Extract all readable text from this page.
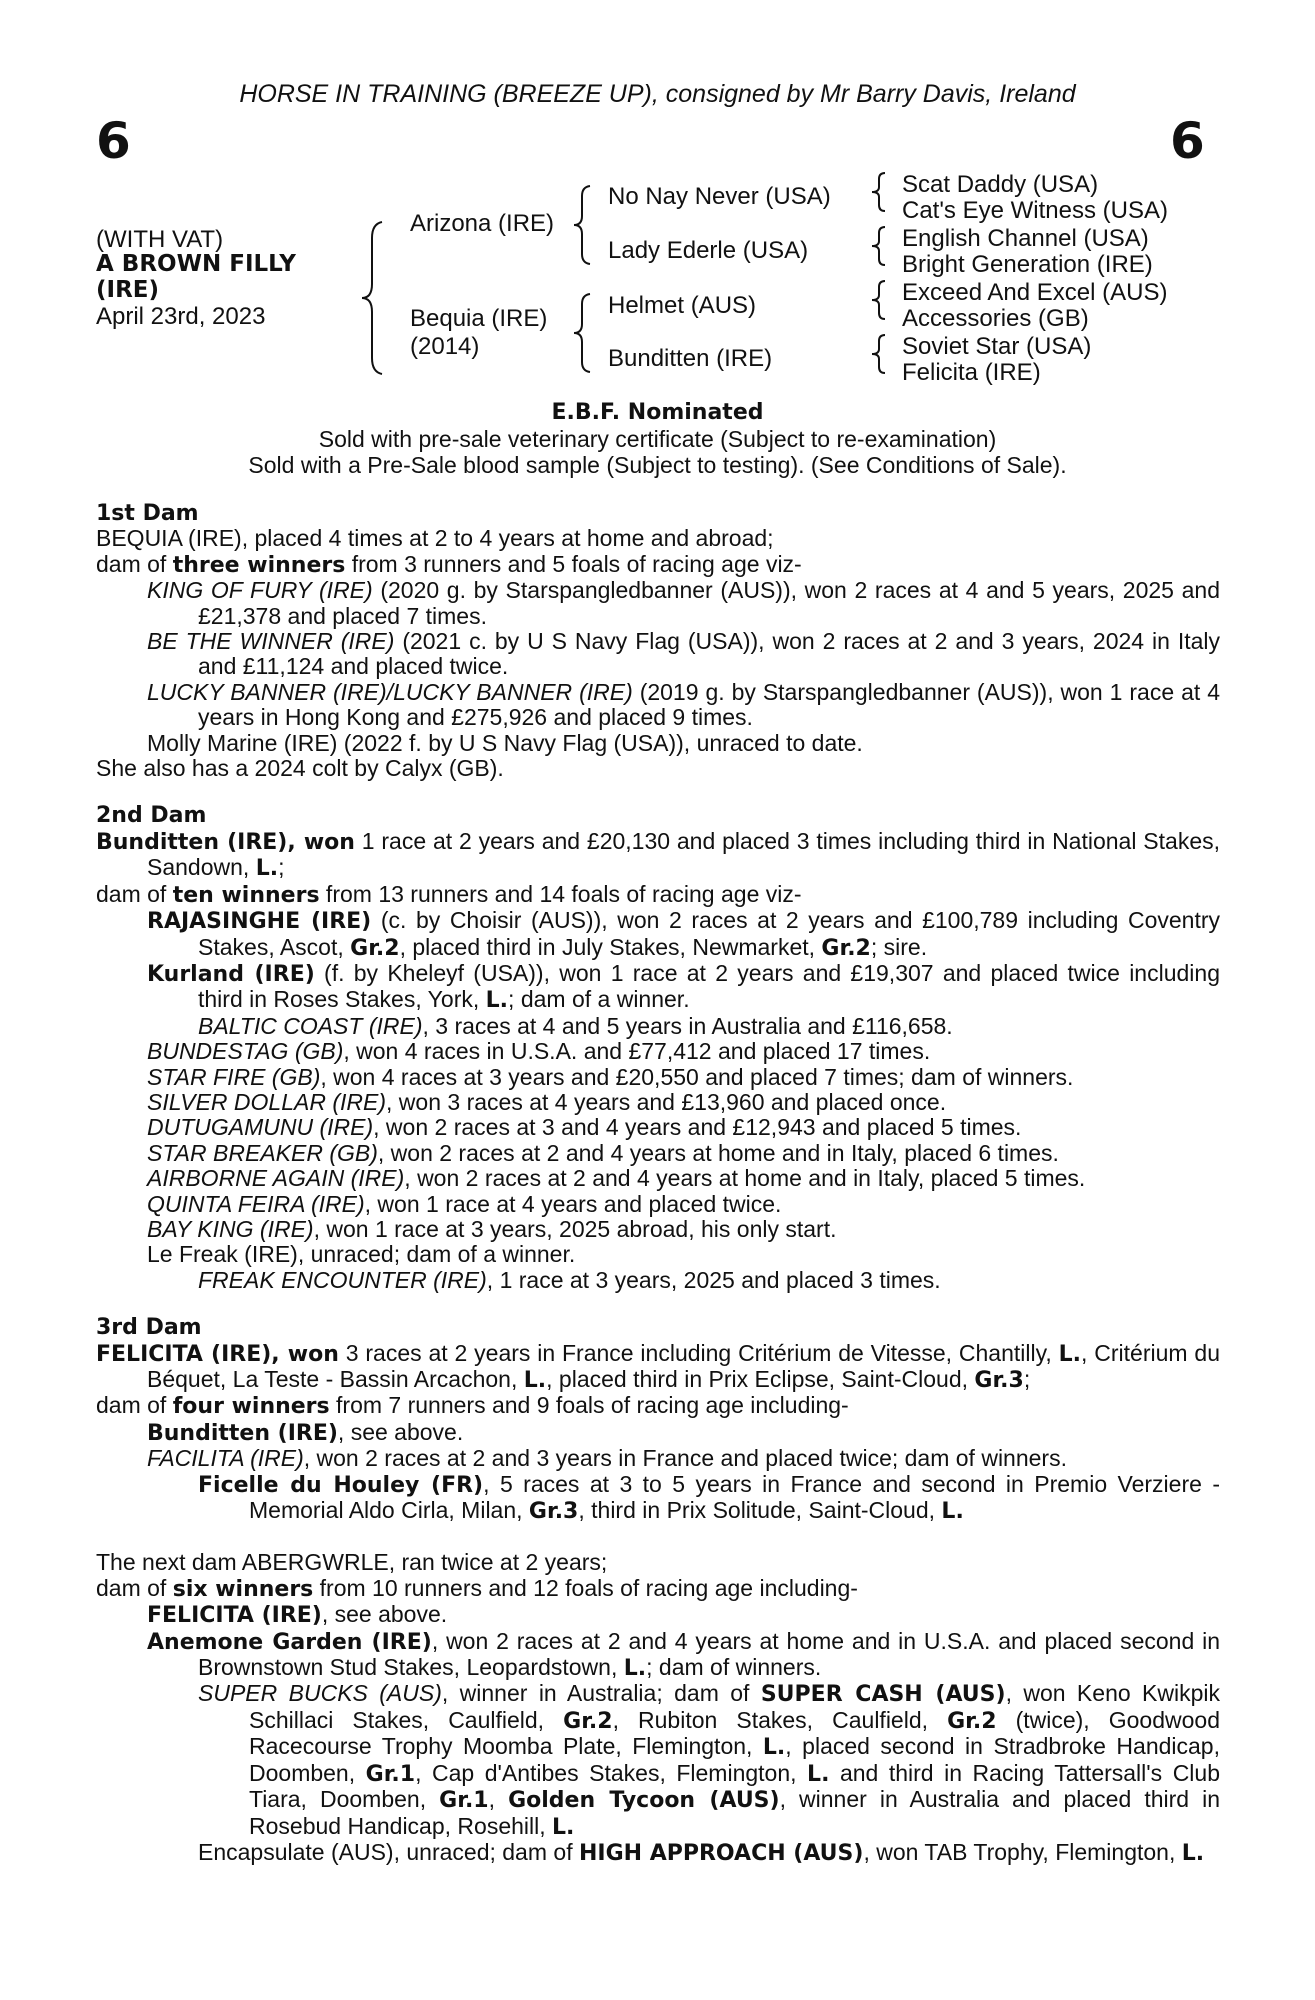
HORSE IN TRAINING (BREEZE UP), consigned by Mr Barry Davis, Ireland
6	6
(WITH VAT)
A BROWN FILLY
(IRE)
April 23rd, 2023
Arizona (IRE)
Bequia (IRE)
(2014)
No Nay Never (USA)
Lady Ederle (USA)
Helmet (AUS)
Bunditten (IRE)
Scat Daddy (USA)
Cat's Eye Witness (USA)
English Channel (USA)
Bright Generation (IRE)
Exceed And Excel (AUS)
Accessories (GB)
Soviet Star (USA)
Felicita (IRE)
E.B.F. Nominated
Sold with pre-sale veterinary certificate (Subject to re-examination)
Sold with a Pre-Sale blood sample (Subject to testing). (See Conditions of Sale).
1st Dam
BEQUIA (IRE), placed 4 times at 2 to 4 years at home and abroad;
dam of three winners from 3 runners and 5 foals of racing age viz-
KING OF FURY (IRE) (2020 g. by Starspangledbanner (AUS)), won 2 races at 4 and 5 years, 2025 and £21,378 and placed 7 times.
BE THE WINNER (IRE) (2021 c. by U S Navy Flag (USA)), won 2 races at 2 and 3 years, 2024 in Italy and £11,124 and placed twice.
LUCKY BANNER (IRE)/LUCKY BANNER (IRE) (2019 g. by Starspangledbanner (AUS)), won 1 race at 4 years in Hong Kong and £275,926 and placed 9 times.
Molly Marine (IRE) (2022 f. by U S Navy Flag (USA)), unraced to date.
She also has a 2024 colt by Calyx (GB).
2nd Dam
Bunditten (IRE), won 1 race at 2 years and £20,130 and placed 3 times including third in National Stakes, Sandown, L.;
dam of ten winners from 13 runners and 14 foals of racing age viz-
RAJASINGHE (IRE) (c. by Choisir (AUS)), won 2 races at 2 years and £100,789 including Coventry Stakes, Ascot, Gr.2, placed third in July Stakes, Newmarket, Gr.2; sire.
Kurland (IRE) (f. by Kheleyf (USA)), won 1 race at 2 years and £19,307 and placed twice including third in Roses Stakes, York, L.; dam of a winner.
BALTIC COAST (IRE), 3 races at 4 and 5 years in Australia and £116,658.
BUNDESTAG (GB), won 4 races in U.S.A. and £77,412 and placed 17 times.
STAR FIRE (GB), won 4 races at 3 years and £20,550 and placed 7 times; dam of winners.
SILVER DOLLAR (IRE), won 3 races at 4 years and £13,960 and placed once.
DUTUGAMUNU (IRE), won 2 races at 3 and 4 years and £12,943 and placed 5 times.
STAR BREAKER (GB), won 2 races at 2 and 4 years at home and in Italy, placed 6 times.
AIRBORNE AGAIN (IRE), won 2 races at 2 and 4 years at home and in Italy, placed 5 times.
QUINTA FEIRA (IRE), won 1 race at 4 years and placed twice.
BAY KING (IRE), won 1 race at 3 years, 2025 abroad, his only start.
Le Freak (IRE), unraced; dam of a winner.
FREAK ENCOUNTER (IRE), 1 race at 3 years, 2025 and placed 3 times.
3rd Dam
FELICITA (IRE), won 3 races at 2 years in France including Critérium de Vitesse, Chantilly, L., Critérium du Béquet, La Teste - Bassin Arcachon, L., placed third in Prix Eclipse, Saint-Cloud, Gr.3;
dam of four winners from 7 runners and 9 foals of racing age including-
Bunditten (IRE), see above.
FACILITA (IRE), won 2 races at 2 and 3 years in France and placed twice; dam of winners.
Ficelle du Houley (FR), 5 races at 3 to 5 years in France and second in Premio Verziere - Memorial Aldo Cirla, Milan, Gr.3, third in Prix Solitude, Saint-Cloud, L.
The next dam ABERGWRLE, ran twice at 2 years;
dam of six winners from 10 runners and 12 foals of racing age including-
FELICITA (IRE), see above.
Anemone Garden (IRE), won 2 races at 2 and 4 years at home and in U.S.A. and placed second in Brownstown Stud Stakes, Leopardstown, L.; dam of winners.
SUPER BUCKS (AUS), winner in Australia; dam of SUPER CASH (AUS), won Keno Kwikpik Schillaci Stakes, Caulfield, Gr.2, Rubiton Stakes, Caulfield, Gr.2 (twice), Goodwood Racecourse Trophy Moomba Plate, Flemington, L., placed second in Stradbroke Handicap, Doomben, Gr.1, Cap d'Antibes Stakes, Flemington, L. and third in Racing Tattersall's Club Tiara, Doomben, Gr.1, Golden Tycoon (AUS), winner in Australia and placed third in Rosebud Handicap, Rosehill, L.
Encapsulate (AUS), unraced; dam of HIGH APPROACH (AUS), won TAB Trophy, Flemington, L.
